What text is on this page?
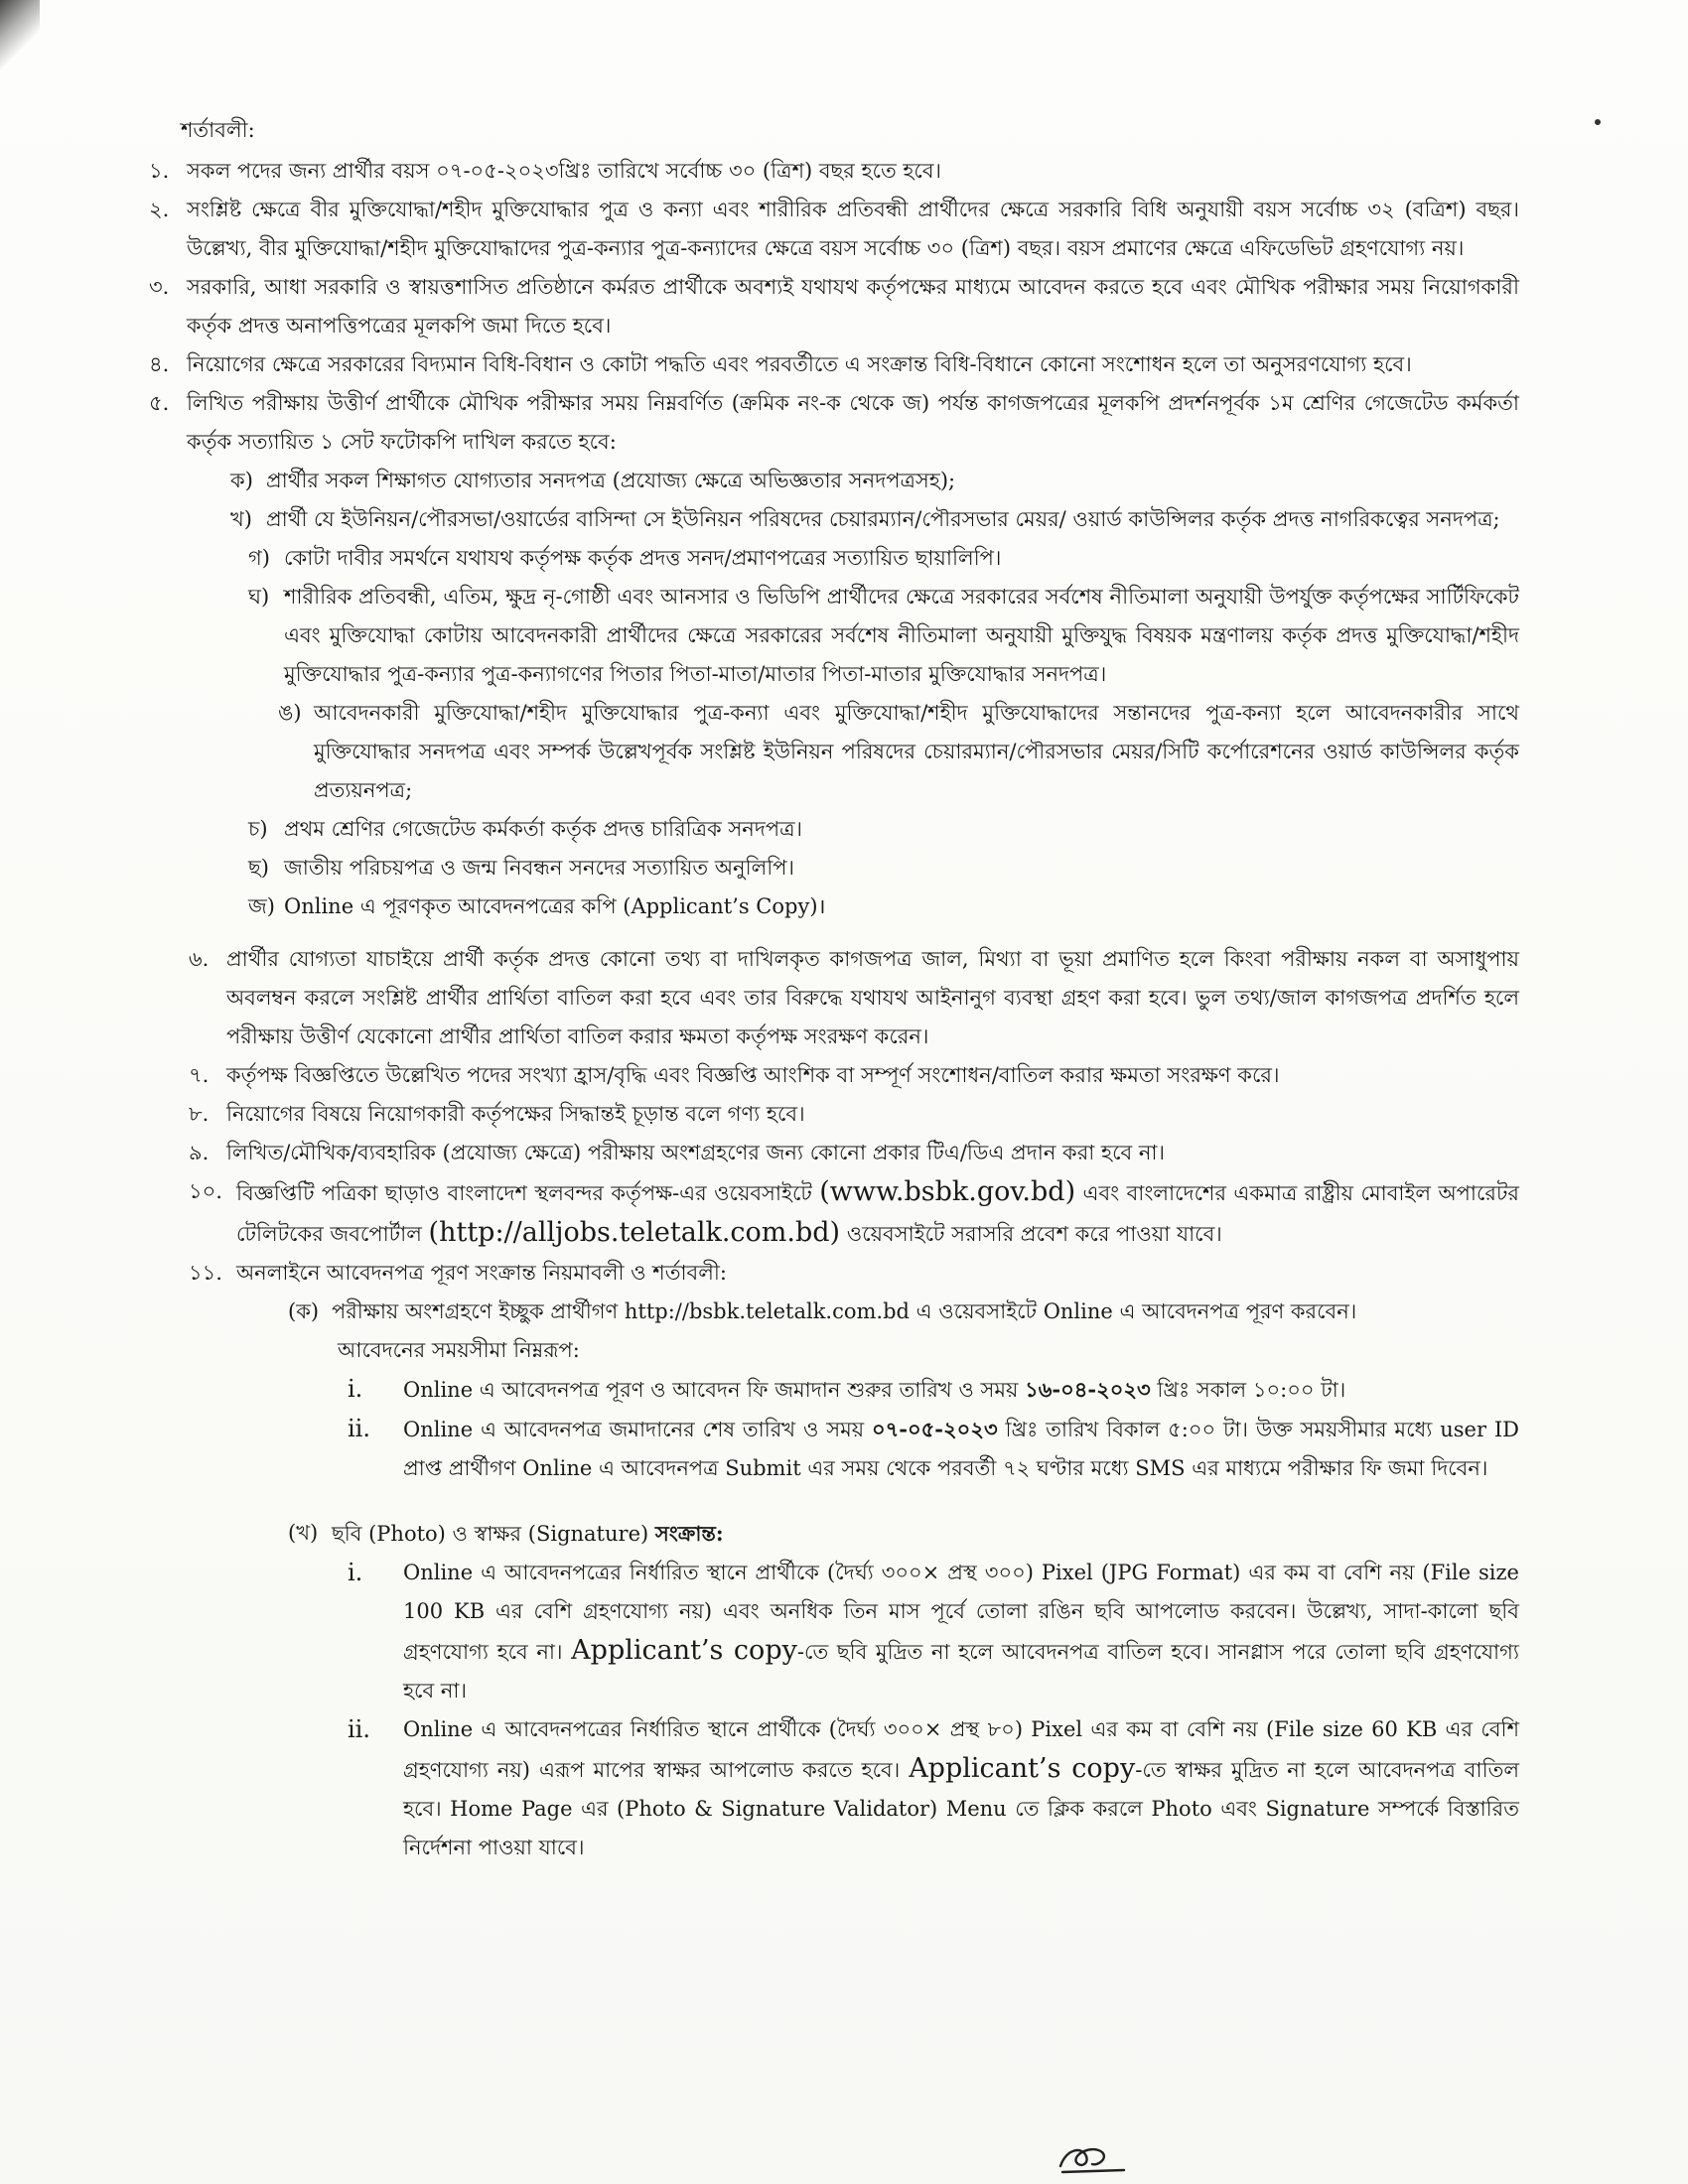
শর্তাবলী:
১. সকল পদের জন্য প্রার্থীর বয়স ০৭-০৫-২০২৩খ্রিঃ তারিখে সর্বোচ্চ ৩০ (ত্রিশ) বছর হতে হবে।
২. সংশ্লিষ্ট ক্ষেত্রে বীর মুক্তিযোদ্ধা/শহীদ মুক্তিযোদ্ধার পুত্র ও কন্যা এবং শারীরিক প্রতিবন্ধী প্রার্থীদের ক্ষেত্রে সরকারি বিধি অনুযায়ী বয়স সর্বোচ্চ ৩২ (বত্রিশ) বছর। উল্লেখ্য, বীর মুক্তিযোদ্ধা/শহীদ মুক্তিযোদ্ধাদের পুত্র-কন্যার পুত্র-কন্যাদের ক্ষেত্রে বয়স সর্বোচ্চ ৩০ (ত্রিশ) বছর। বয়স প্রমাণের ক্ষেত্রে এফিডেভিট গ্রহণযোগ্য নয়।
৩. সরকারি, আধা সরকারি ও স্বায়ত্তশাসিত প্রতিষ্ঠানে কর্মরত প্রার্থীকে অবশ্যই যথাযথ কর্তৃপক্ষের মাধ্যমে আবেদন করতে হবে এবং মৌখিক পরীক্ষার সময় নিয়োগকারী কর্তৃক প্রদত্ত অনাপত্তিপত্রের মূলকপি জমা দিতে হবে।
৪. নিয়োগের ক্ষেত্রে সরকারের বিদ্যমান বিধি-বিধান ও কোটা পদ্ধতি এবং পরবর্তীতে এ সংক্রান্ত বিধি-বিধানে কোনো সংশোধন হলে তা অনুসরণযোগ্য হবে।
৫. লিখিত পরীক্ষায় উত্তীর্ণ প্রার্থীকে মৌখিক পরীক্ষার সময় নিম্নবর্ণিত (ক্রমিক নং-ক থেকে জ) পর্যন্ত কাগজপত্রের মূলকপি প্রদর্শনপূর্বক ১ম শ্রেণির গেজেটেড কর্মকর্তা কর্তৃক সত্যায়িত ১ সেট ফটোকপি দাখিল করতে হবে:
ক) প্রার্থীর সকল শিক্ষাগত যোগ্যতার সনদপত্র (প্রযোজ্য ক্ষেত্রে অভিজ্ঞতার সনদপত্রসহ);
খ) প্রার্থী যে ইউনিয়ন/পৌরসভা/ওয়ার্ডের বাসিন্দা সে ইউনিয়ন পরিষদের চেয়ারম্যান/পৌরসভার মেয়র/ ওয়ার্ড কাউন্সিলর কর্তৃক প্রদত্ত নাগরিকত্বের সনদপত্র;
গ) কোটা দাবীর সমর্থনে যথাযথ কর্তৃপক্ষ কর্তৃক প্রদত্ত সনদ/প্রমাণপত্রের সত্যায়িত ছায়ালিপি।
ঘ) শারীরিক প্রতিবন্ধী, এতিম, ক্ষুদ্র নৃ-গোষ্ঠী এবং আনসার ও ভিডিপি প্রার্থীদের ক্ষেত্রে সরকারের সর্বশেষ নীতিমালা অনুযায়ী উপর্যুক্ত কর্তৃপক্ষের সার্টিফিকেট এবং মুক্তিযোদ্ধা কোটায় আবেদনকারী প্রার্থীদের ক্ষেত্রে সরকারের সর্বশেষ নীতিমালা অনুযায়ী মুক্তিযুদ্ধ বিষয়ক মন্ত্রণালয় কর্তৃক প্রদত্ত মুক্তিযোদ্ধা/শহীদ মুক্তিযোদ্ধার পুত্র-কন্যার পুত্র-কন্যাগণের পিতার পিতা-মাতা/মাতার পিতা-মাতার মুক্তিযোদ্ধার সনদপত্র।
ঙ) আবেদনকারী মুক্তিযোদ্ধা/শহীদ মুক্তিযোদ্ধার পুত্র-কন্যা এবং মুক্তিযোদ্ধা/শহীদ মুক্তিযোদ্ধাদের সন্তানদের পুত্র-কন্যা হলে আবেদনকারীর সাথে মুক্তিযোদ্ধার সনদপত্র এবং সম্পর্ক উল্লেখপূর্বক সংশ্লিষ্ট ইউনিয়ন পরিষদের চেয়ারম্যান/পৌরসভার মেয়র/সিটি কর্পোরেশনের ওয়ার্ড কাউন্সিলর কর্তৃক প্রত্যয়নপত্র;
চ) প্রথম শ্রেণির গেজেটেড কর্মকর্তা কর্তৃক প্রদত্ত চারিত্রিক সনদপত্র।
ছ) জাতীয় পরিচয়পত্র ও জন্ম নিবন্ধন সনদের সত্যায়িত অনুলিপি।
জ) Online এ পূরণকৃত আবেদনপত্রের কপি (Applicant’s Copy)।
৬. প্রার্থীর যোগ্যতা যাচাইয়ে প্রার্থী কর্তৃক প্রদত্ত কোনো তথ্য বা দাখিলকৃত কাগজপত্র জাল, মিথ্যা বা ভূয়া প্রমাণিত হলে কিংবা পরীক্ষায় নকল বা অসাধুপায় অবলম্বন করলে সংশ্লিষ্ট প্রার্থীর প্রার্থিতা বাতিল করা হবে এবং তার বিরুদ্ধে যথাযথ আইনানুগ ব্যবস্থা গ্রহণ করা হবে। ভুল তথ্য/জাল কাগজপত্র প্রদর্শিত হলে পরীক্ষায় উত্তীর্ণ যেকোনো প্রার্থীর প্রার্থিতা বাতিল করার ক্ষমতা কর্তৃপক্ষ সংরক্ষণ করেন।
৭. কর্তৃপক্ষ বিজ্ঞপ্তিতে উল্লেখিত পদের সংখ্যা হ্রাস/বৃদ্ধি এবং বিজ্ঞপ্তি আংশিক বা সম্পূর্ণ সংশোধন/বাতিল করার ক্ষমতা সংরক্ষণ করে।
৮. নিয়োগের বিষয়ে নিয়োগকারী কর্তৃপক্ষের সিদ্ধান্তই চূড়ান্ত বলে গণ্য হবে।
৯. লিখিত/মৌখিক/ব্যবহারিক (প্রযোজ্য ক্ষেত্রে) পরীক্ষায় অংশগ্রহণের জন্য কোনো প্রকার টিএ/ডিএ প্রদান করা হবে না।
১০. বিজ্ঞপ্তিটি পত্রিকা ছাড়াও বাংলাদেশ স্থলবন্দর কর্তৃপক্ষ-এর ওয়েবসাইটে (www.bsbk.gov.bd) এবং বাংলাদেশের একমাত্র রাষ্ট্রীয় মোবাইল অপারেটর টেলিটকের জবপোর্টাল (http://alljobs.teletalk.com.bd) ওয়েবসাইটে সরাসরি প্রবেশ করে পাওয়া যাবে।
১১. অনলাইনে আবেদনপত্র পূরণ সংক্রান্ত নিয়মাবলী ও শর্তাবলী:
(ক) পরীক্ষায় অংশগ্রহণে ইচ্ছুক প্রার্থীগণ http://bsbk.teletalk.com.bd এ ওয়েবসাইটে Online এ আবেদনপত্র পূরণ করবেন।
আবেদনের সময়সীমা নিম্নরূপ:
i.	Online এ আবেদনপত্র পূরণ ও আবেদন ফি জমাদান শুরুর তারিখ ও সময় ১৬-০৪-২০২৩ খ্রিঃ সকাল ১০:০০ টা।
ii.	Online এ আবেদনপত্র জমাদানের শেষ তারিখ ও সময় ০৭-০৫-২০২৩ খ্রিঃ তারিখ বিকাল ৫:০০ টা। উক্ত সময়সীমার মধ্যে user ID প্রাপ্ত প্রার্থীগণ Online এ আবেদনপত্র Submit এর সময় থেকে পরবর্তী ৭২ ঘণ্টার মধ্যে SMS এর মাধ্যমে পরীক্ষার ফি জমা দিবেন।
(খ) ছবি (Photo) ও স্বাক্ষর (Signature) সংক্রান্ত:
i.	Online এ আবেদনপত্রের নির্ধারিত স্থানে প্রার্থীকে (দৈর্ঘ্য ৩০০× প্রস্থ ৩০০) Pixel (JPG Format) এর কম বা বেশি নয় (File size 100 KB এর বেশি গ্রহণযোগ্য নয়) এবং অনধিক তিন মাস পূর্বে তোলা রঙিন ছবি আপলোড করবেন। উল্লেখ্য, সাদা-কালো ছবি গ্রহণযোগ্য হবে না। Applicant’s copy-তে ছবি মুদ্রিত না হলে আবেদনপত্র বাতিল হবে। সানগ্লাস পরে তোলা ছবি গ্রহণযোগ্য হবে না।
ii.	Online এ আবেদনপত্রের নির্ধারিত স্থানে প্রার্থীকে (দৈর্ঘ্য ৩০০× প্রস্থ ৮০) Pixel এর কম বা বেশি নয় (File size 60 KB এর বেশি গ্রহণযোগ্য নয়) এরূপ মাপের স্বাক্ষর আপলোড করতে হবে। Applicant’s copy-তে স্বাক্ষর মুদ্রিত না হলে আবেদনপত্র বাতিল হবে। Home Page এর (Photo & Signature Validator) Menu তে ক্লিক করলে Photo এবং Signature সম্পর্কে বিস্তারিত নির্দেশনা পাওয়া যাবে।
